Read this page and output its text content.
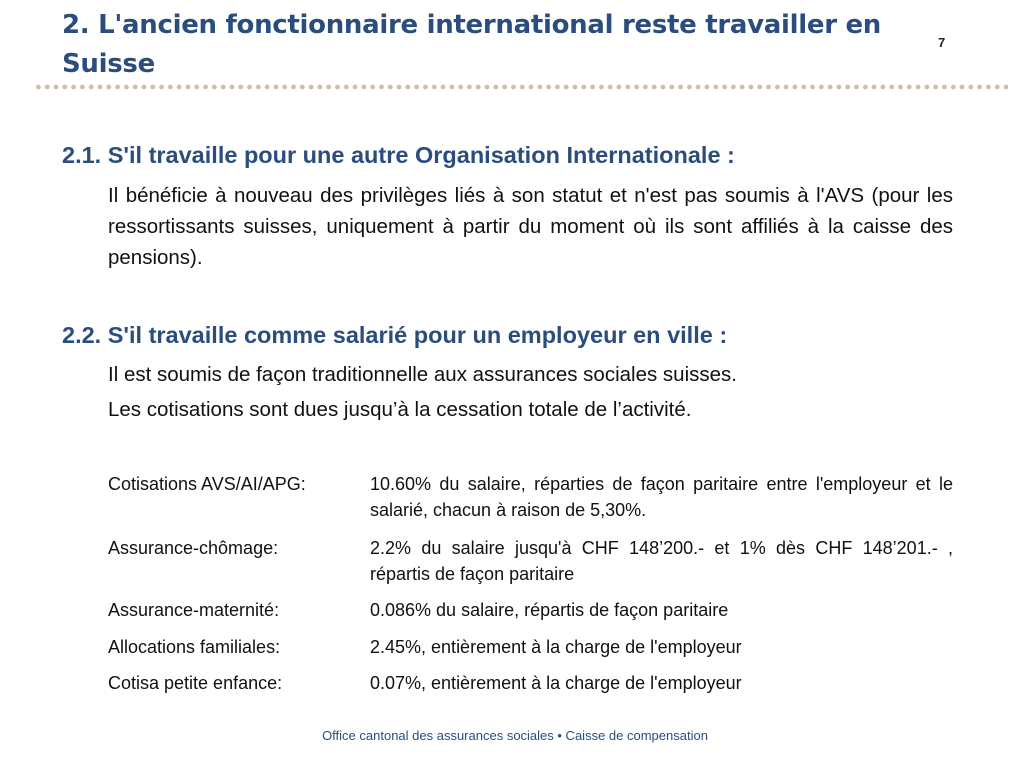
2. L'ancien fonctionnaire international reste travailler en Suisse
7
2.1. S'il travaille pour une autre Organisation Internationale :

Il bénéficie à nouveau des privilèges liés à son statut et n'est pas soumis à l'AVS (pour les ressortissants suisses, uniquement à partir du moment où ils sont affiliés à la caisse des pensions).

2.2. S'il travaille comme salarié pour un employeur en ville :

Il est soumis de façon traditionnelle aux assurances sociales suisses.

Les cotisations sont dues jusqu’à la cessation totale de l’activité.

Cotisations AVS/AI/APG:	10.60% du salaire, réparties de façon paritaire entre l'employeur et le salarié, chacun à raison de 5,30%.
Assurance-chômage:	2.2% du salaire jusqu'à CHF 148’200.- et 1% dès CHF 148’201.- , répartis de façon paritaire
Assurance-maternité:	0.086% du salaire, répartis de façon paritaire
Allocations familiales:	2.45%, entièrement à la charge de l'employeur
Cotisa petite enfance:	0.07%, entièrement à la charge de l'employeur
Office cantonal des assurances sociales • Caisse de compensation
